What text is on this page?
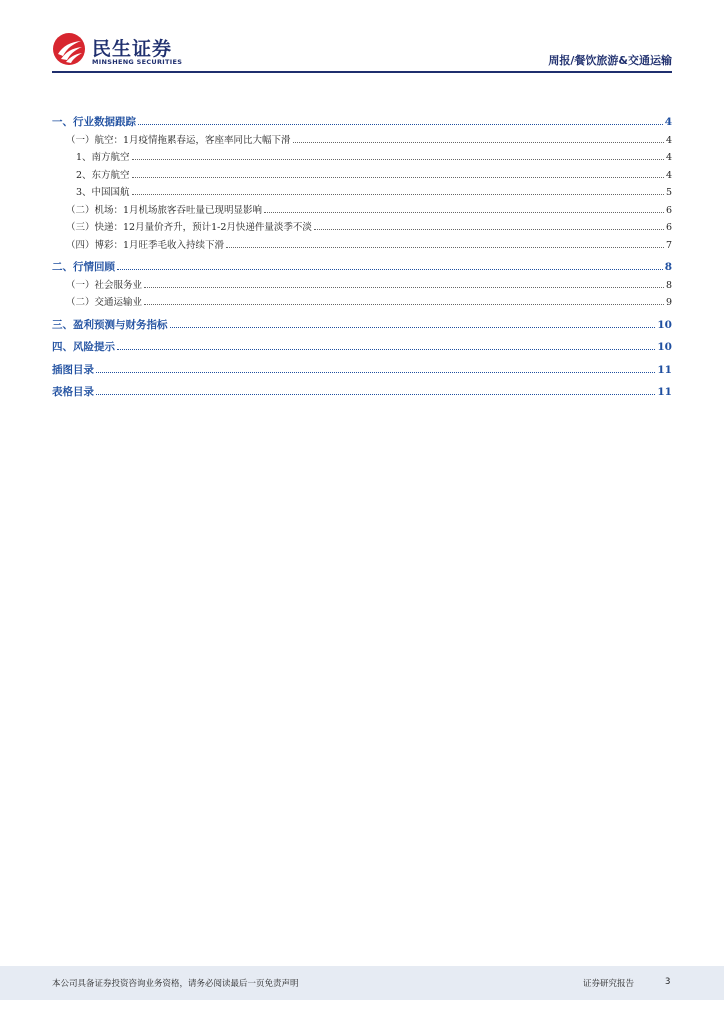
民生证券
MINSHENG SECURITIES	周报/餐饮旅游&交通运输
一、行业数据跟踪	4
（一）航空：1月疫情拖累春运，客座率同比大幅下滑	4
1、南方航空	4
2、东方航空	4
3、中国国航	5
（二）机场：1月机场旅客吞吐量已现明显影响	6
（三）快递：12月量价齐升，预计1-2月快递件量淡季不淡	6
（四）博彩：1月旺季毛收入持续下滑	7
二、行情回顾	8
（一）社会服务业	8
（二）交通运输业	9
三、盈利预测与财务指标	10
四、风险提示	10
插图目录	11
表格目录	11
本公司具备证券投资咨询业务资格，请务必阅读最后一页免责声明	证券研究报告	3
